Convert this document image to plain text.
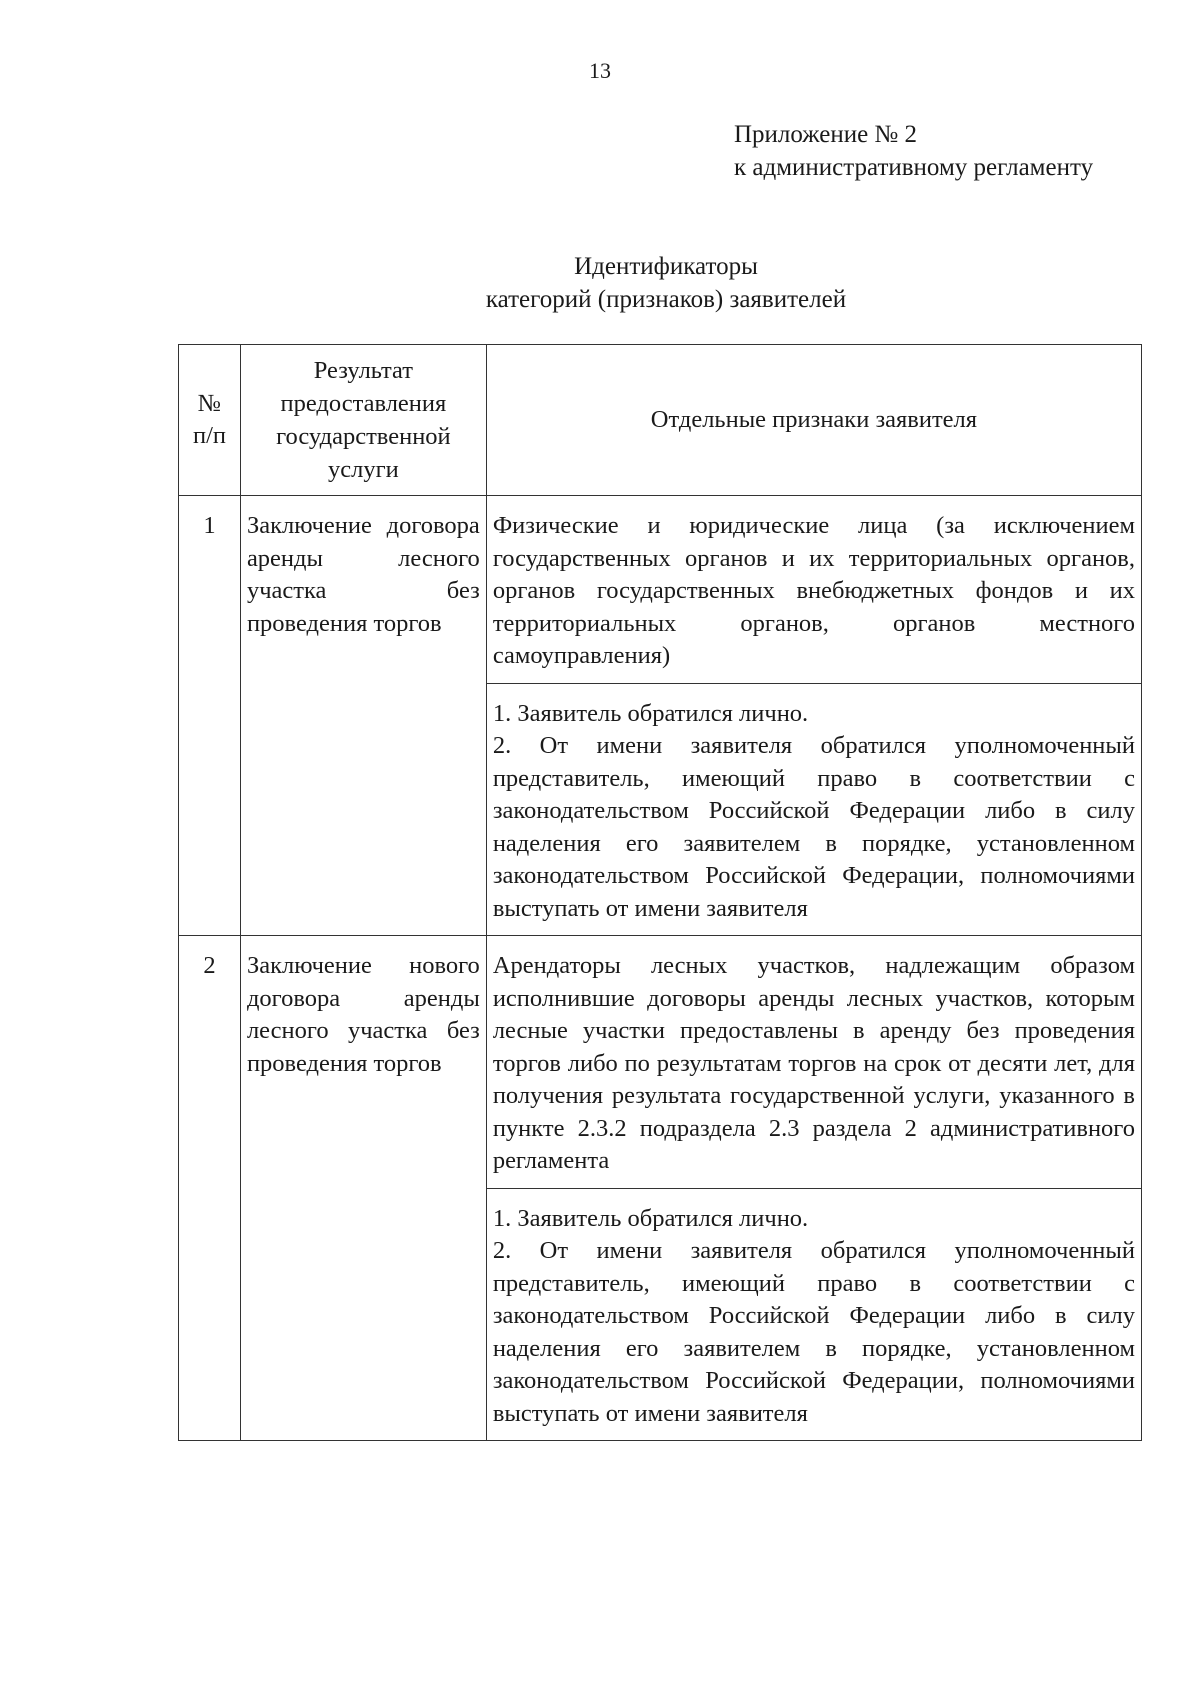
13
Приложение № 2
к административному регламенту
Идентификаторы
категорий (признаков) заявителей
№ п/п	Результат предоставления государственной услуги	Отдельные признаки заявителя
1	Заключение договора аренды лесного участка без проведения торгов	Физические и юридические лица (за исключением государственных органов и их территориальных органов, органов государственных внебюджетных фондов и их территориальных органов, органов местного самоуправления)

		1. Заявитель обратился лично.
2. От имени заявителя обратился уполномоченный представитель, имеющий право в соответствии с законодательством Российской Федерации либо в силу наделения его заявителем в порядке, установленном законодательством Российской Федерации, полномочиями выступать от имени заявителя

2	Заключение нового договора аренды лесного участка без проведения торгов	Арендаторы лесных участков, надлежащим образом исполнившие договоры аренды лесных участков, которым лесные участки предоставлены в аренду без проведения торгов либо по результатам торгов на срок от десяти лет, для получения результата государственной услуги, указанного в пункте 2.3.2 подраздела 2.3 раздела 2 административного регламента

		1. Заявитель обратился лично.
2. От имени заявителя обратился уполномоченный представитель, имеющий право в соответствии с законодательством Российской Федерации либо в силу наделения его заявителем в порядке, установленном законодательством Российской Федерации, полномочиями выступать от имени заявителя
